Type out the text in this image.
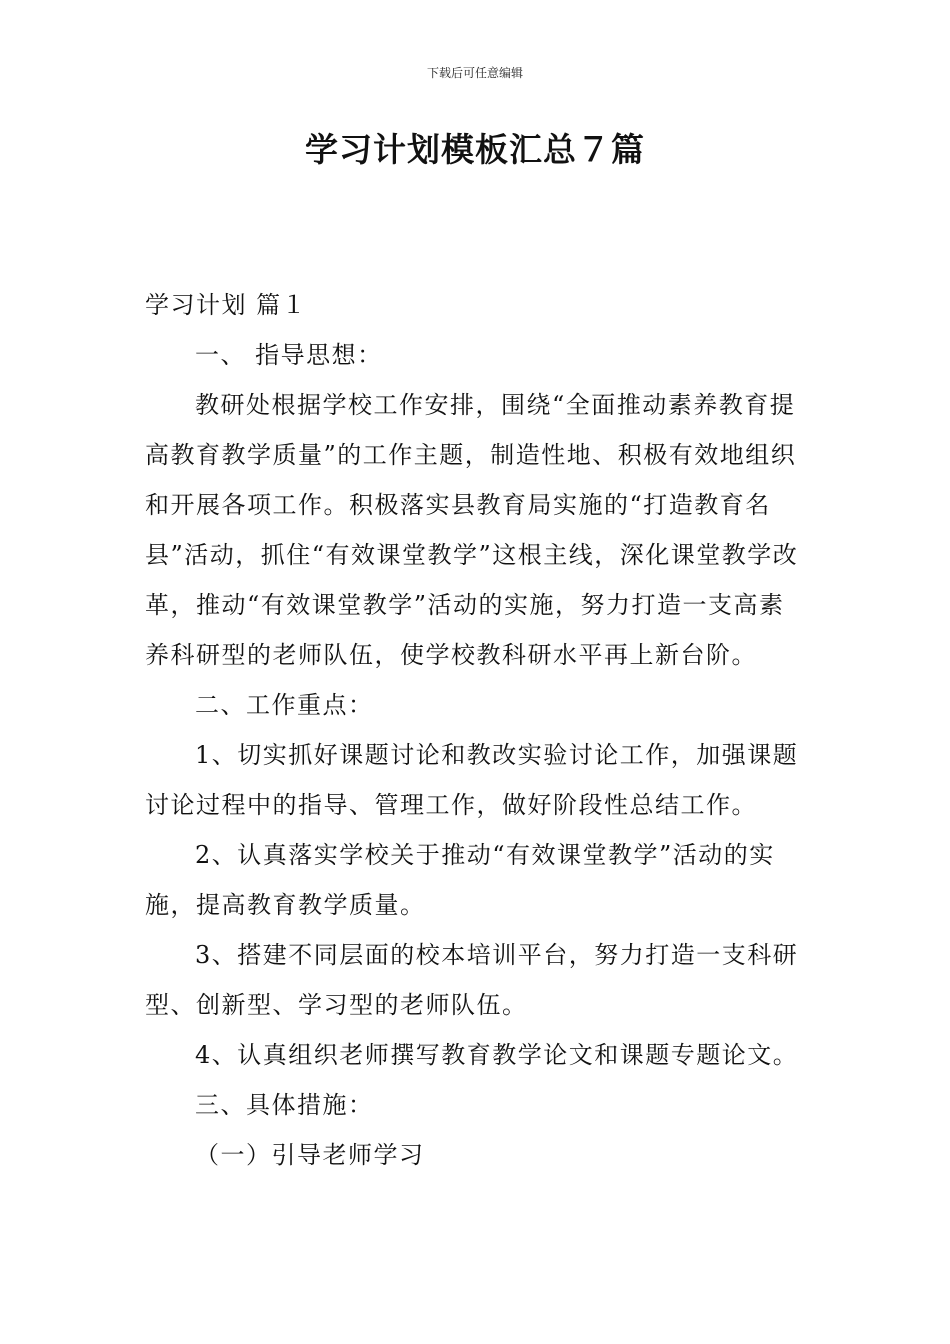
下载后可任意编辑
学习计划模板汇总７篇

学习计划 篇１

一、 指导思想：

教研处根据学校工作安排，围绕“全面推动素养教育提高教育教学质量”的工作主题，制造性地、积极有效地组织和开展各项工作。积极落实县教育局实施的“打造教育名县”活动，抓住“有效课堂教学”这根主线，深化课堂教学改革，推动“有效课堂教学”活动的实施，努力打造一支高素养科研型的老师队伍，使学校教科研水平再上新台阶。

二、工作重点：

1、切实抓好课题讨论和教改实验讨论工作，加强课题讨论过程中的指导、管理工作，做好阶段性总结工作。

2、认真落实学校关于推动“有效课堂教学”活动的实施，提高教育教学质量。

3、搭建不同层面的校本培训平台，努力打造一支科研型、创新型、学习型的老师队伍。

4、认真组织老师撰写教育教学论文和课题专题论文。

三、具体措施：

（一）引导老师学习
